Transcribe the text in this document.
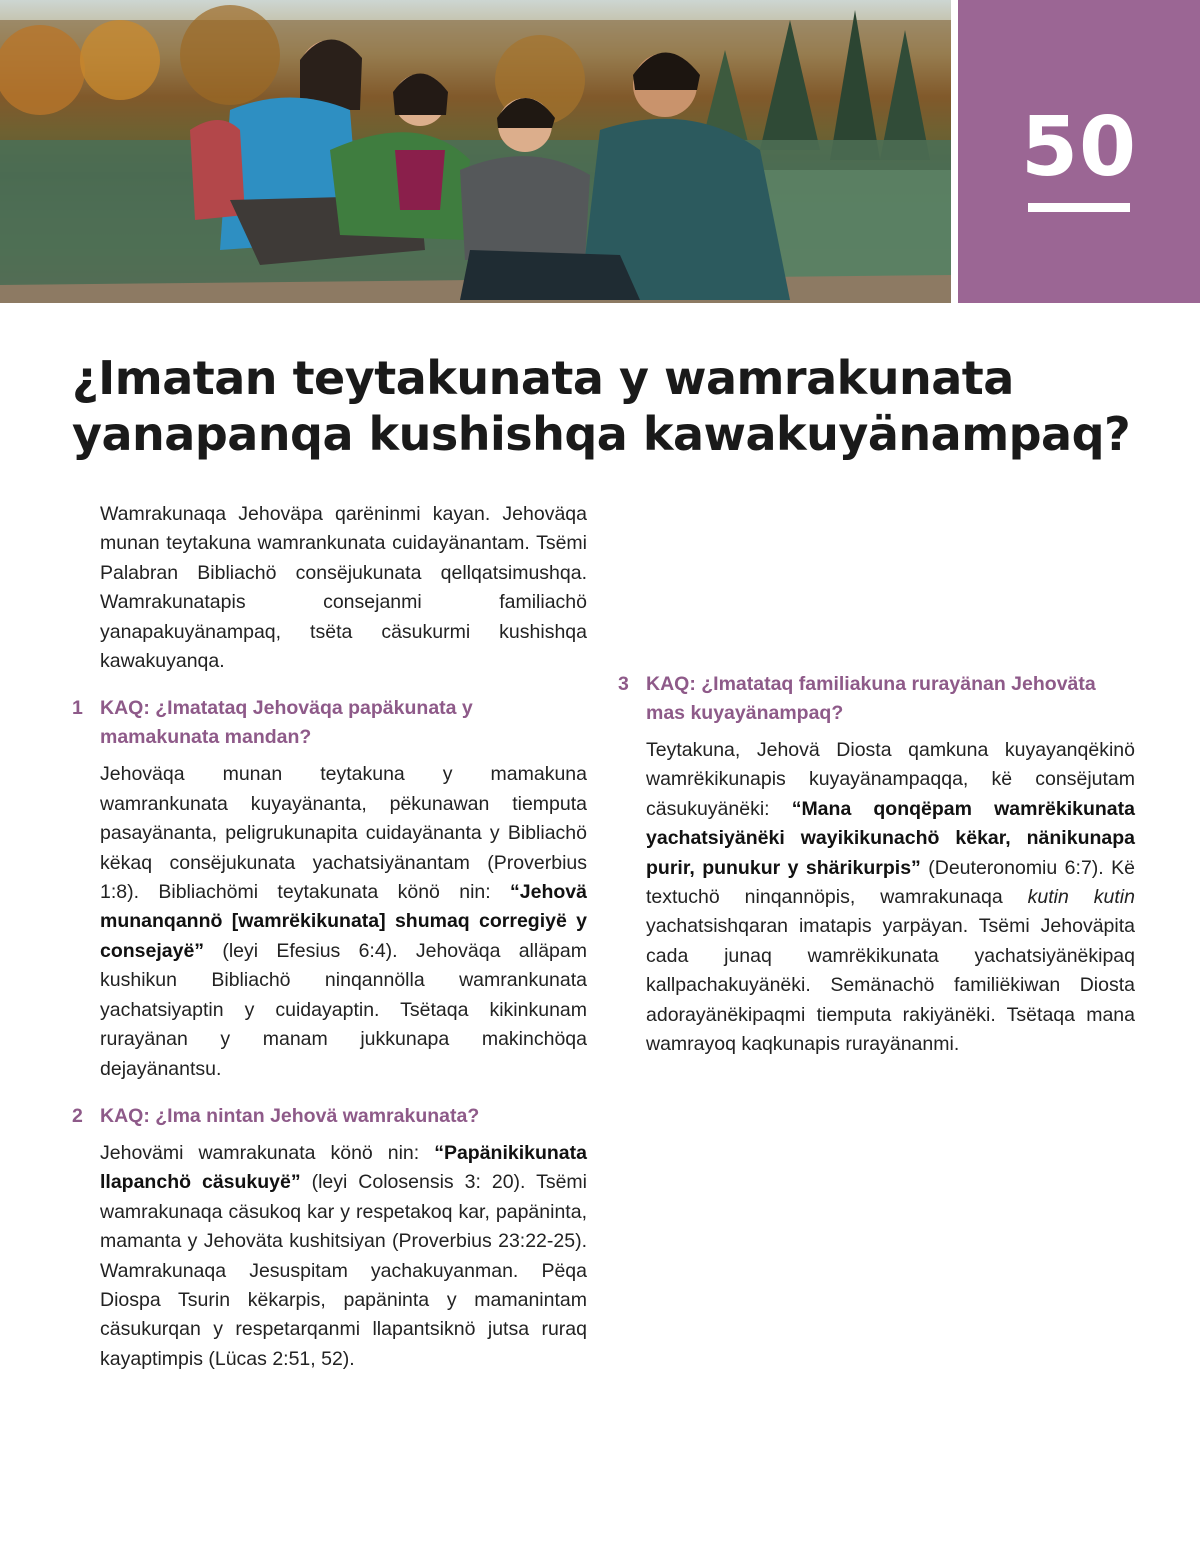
50
¿Imatan teytakunata y wamrakunata yanapanqa kushishqa kawakuyänampaq?

Wamrakunaqa Jehoväpa qarëninmi kayan. Jehoväqa munan teytakuna wamrankunata cuidayänantam. Tsëmi Palabran Bibliachö consëjukunata qellqatsimushqa. Wamrakunatapis consejanmi familiachö yanapakuyänampaq, tsëta cäsukurmi kushishqa kawakuyanqa.

1 KAQ: ¿Imatataq Jehoväqa papäkunata y mamakunata mandan?

Jehoväqa munan teytakuna y mamakuna wamrankunata kuyayänanta, pëkunawan tiemputa pasayänanta, peligrukunapita cuidayänanta y Bibliachö këkaq consëjukunata yachatsiyänantam (Proverbius 1:8). Bibliachömi teytakunata könö nin: “Jehovä munanqannö [wamrëkikunata] shumaq corregiyë y consejayë” (leyi Efesius 6:4). Jehoväqa alläpam kushikun Bibliachö ninqannölla wamrankunata yachatsiyaptin y cuidayaptin. Tsëtaqa kikinkunam rurayänan y manam jukkunapa makinchöqa dejayänantsu.

2 KAQ: ¿Ima nintan Jehovä wamrakunata?

Jehovämi wamrakunata könö nin: “Papänikikunata llapanchö cäsukuyë” (leyi Colosensis 3: 20). Tsëmi wamrakunaqa cäsukoq kar y respetakoq kar, papäninta, mamanta y Jehoväta kushitsiyan (Proverbius 23:22-25). Wamrakunaqa Jesuspitam yachakuyanman. Pëqa Diospa Tsurin këkarpis, papäninta y mamanintam cäsukurqan y respetarqanmi llapantsiknö jutsa ruraq kayaptimpis (Lücas 2:51, 52).

3 KAQ: ¿Imatataq familiakuna rurayänan Jehoväta mas kuyayänampaq?

Teytakuna, Jehovä Diosta qamkuna kuyayanqëkinö wamrëkikunapis kuyayänampaqqa, kë consëjutam cäsukuyänëki: “Mana qonqëpam wamrëkikunata yachatsiyänëki wayikikunachö këkar, nänikunapa purir, punukur y shärikurpis” (Deuteronomiu 6:7). Kë textuchö ninqannöpis, wamrakunaqa kutin kutin yachatsishqaran imatapis yarpäyan. Tsëmi Jehoväpita cada junaq wamrëkikunata yachatsiyänëkipaq kallpachakuyänëki. Semänachö familiëkiwan Diosta adorayänëkipaqmi tiemputa rakiyänëki. Tsëtaqa mana wamrayoq kaqkunapis rurayänanmi.
